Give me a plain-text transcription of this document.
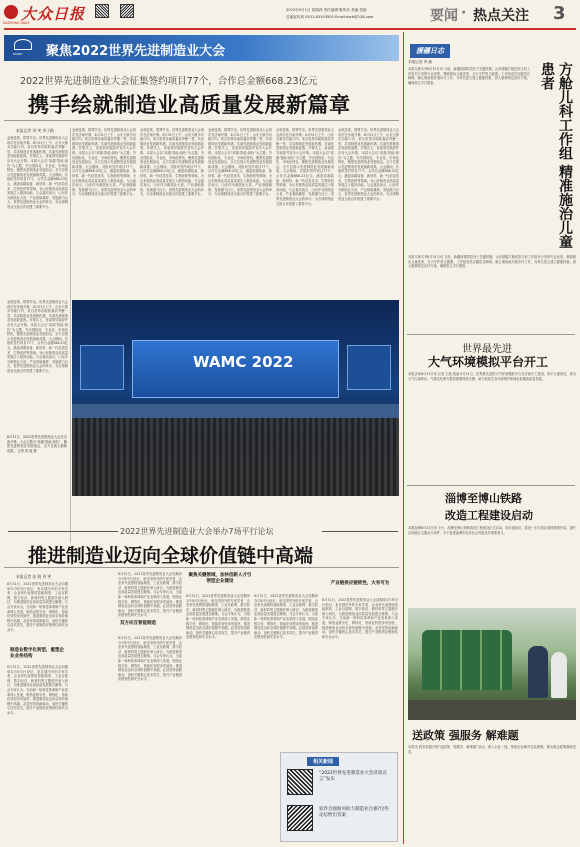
大众日报
DAZHONG DAILY
2022年9月1日 星期四 责任编辑 靳茂东 美编 张丽
总编室传真 0531-85193500 Email:dzrb@126.com	要闻 · 热点关注 3
WAMC 聚焦2022世界先进制造业大会
2022世界先进制造业大会征集签约项目77个，合作总金额668.23亿元
携手绘就制造业高质量发展新篇章
本报记者 刘 笑 李子路
金秋送爽，群贤毕至。世界先进制造业大会再次在济南开幕。8月31日上午，山东大厦多功能厅内，来自世界各地的嘉宾齐聚一堂，共话制造业发展新机遇，共谋先进制造业发展新蓝图。开幕式上，省委领导致辞并宣布大会开幕。本届大会以“高端·智能·绿色”为主题，突出国际化、专业化、市场化特色，聚焦先进制造业发展前沿，全方位展示先进制造业发展最新成果。大会期间，共组织签约项目77个，合作总金额668.23亿元，涵盖高端装备、新材料、新一代信息技术、生物医药等领域，为山东制造业高质量发展注入强劲动能。与会嘉宾表示，山东作为制造业大省，产业基础雄厚，发展潜力巨大，世界先进制造业大会的举办，为全球制造业交流合作搭建了重要平台。
金秋送爽，群贤毕至。世界先进制造业大会再次在济南开幕。8月31日上午，山东大厦多功能厅内，来自世界各地的嘉宾齐聚一堂，共话制造业发展新机遇，共谋先进制造业发展新蓝图。开幕式上，省委领导致辞并宣布大会开幕。本届大会以“高端·智能·绿色”为主题，突出国际化、专业化、市场化特色，聚焦先进制造业发展前沿，全方位展示先进制造业发展最新成果。大会期间，共组织签约项目77个，合作总金额668.23亿元，涵盖高端装备、新材料、新一代信息技术、生物医药等领域，为山东制造业高质量发展注入强劲动能。与会嘉宾表示，山东作为制造业大省，产业基础雄厚，发展潜力巨大，世界先进制造业大会的举办，为全球制造业交流合作搭建了重要平台。
金秋送爽，群贤毕至。世界先进制造业大会再次在济南开幕。8月31日上午，山东大厦多功能厅内，来自世界各地的嘉宾齐聚一堂，共话制造业发展新机遇，共谋先进制造业发展新蓝图。开幕式上，省委领导致辞并宣布大会开幕。本届大会以“高端·智能·绿色”为主题，突出国际化、专业化、市场化特色，聚焦先进制造业发展前沿，全方位展示先进制造业发展最新成果。大会期间，共组织签约项目77个，合作总金额668.23亿元，涵盖高端装备、新材料、新一代信息技术、生物医药等领域，为山东制造业高质量发展注入强劲动能。与会嘉宾表示，山东作为制造业大省，产业基础雄厚，发展潜力巨大，世界先进制造业大会的举办，为全球制造业交流合作搭建了重要平台。
金秋送爽，群贤毕至。世界先进制造业大会再次在济南开幕。8月31日上午，山东大厦多功能厅内，来自世界各地的嘉宾齐聚一堂，共话制造业发展新机遇，共谋先进制造业发展新蓝图。开幕式上，省委领导致辞并宣布大会开幕。本届大会以“高端·智能·绿色”为主题，突出国际化、专业化、市场化特色，聚焦先进制造业发展前沿，全方位展示先进制造业发展最新成果。大会期间，共组织签约项目77个，合作总金额668.23亿元，涵盖高端装备、新材料、新一代信息技术、生物医药等领域，为山东制造业高质量发展注入强劲动能。与会嘉宾表示，山东作为制造业大省，产业基础雄厚，发展潜力巨大，世界先进制造业大会的举办，为全球制造业交流合作搭建了重要平台。
金秋送爽，群贤毕至。世界先进制造业大会再次在济南开幕。8月31日上午，山东大厦多功能厅内，来自世界各地的嘉宾齐聚一堂，共话制造业发展新机遇，共谋先进制造业发展新蓝图。开幕式上，省委领导致辞并宣布大会开幕。本届大会以“高端·智能·绿色”为主题，突出国际化、专业化、市场化特色，聚焦先进制造业发展前沿，全方位展示先进制造业发展最新成果。大会期间，共组织签约项目77个，合作总金额668.23亿元，涵盖高端装备、新材料、新一代信息技术、生物医药等领域，为山东制造业高质量发展注入强劲动能。与会嘉宾表示，山东作为制造业大省，产业基础雄厚，发展潜力巨大，世界先进制造业大会的举办，为全球制造业交流合作搭建了重要平台。
金秋送爽，群贤毕至。世界先进制造业大会再次在济南开幕。8月31日上午，山东大厦多功能厅内，来自世界各地的嘉宾齐聚一堂，共话制造业发展新机遇，共谋先进制造业发展新蓝图。开幕式上，省委领导致辞并宣布大会开幕。本届大会以“高端·智能·绿色”为主题，突出国际化、专业化、市场化特色，聚焦先进制造业发展前沿，全方位展示先进制造业发展最新成果。大会期间，共组织签约项目77个，合作总金额668.23亿元，涵盖高端装备、新材料、新一代信息技术、生物医药等领域，为山东制造业高质量发展注入强劲动能。与会嘉宾表示，山东作为制造业大省，产业基础雄厚，发展潜力巨大，世界先进制造业大会的举办，为全球制造业交流合作搭建了重要平台。
金秋送爽，群贤毕至。世界先进制造业大会再次在济南开幕。8月31日上午，山东大厦多功能厅内，来自世界各地的嘉宾齐聚一堂，共话制造业发展新机遇，共谋先进制造业发展新蓝图。开幕式上，省委领导致辞并宣布大会开幕。本届大会以“高端·智能·绿色”为主题，突出国际化、专业化、市场化特色，聚焦先进制造业发展前沿，全方位展示先进制造业发展最新成果。大会期间，共组织签约项目77个，合作总金额668.23亿元，涵盖高端装备、新材料、新一代信息技术、生物医药等领域，为山东制造业高质量发展注入强劲动能。与会嘉宾表示，山东作为制造业大省，产业基础雄厚，发展潜力巨大，世界先进制造业大会的举办，为全球制造业交流合作搭建了重要平台。	WAMC 2022
8月31日，2022世界先进制造业大会在济南开幕。大会主题为“高端·智能·绿色”，聚焦先进制造业发展前沿，全方位展示最新成果。 记者 郭 毅 摄
2022世界先进制造业大会举办7场平行论坛
推进制造业迈向全球价值链中高端
本报记者 张 晓 刘 笑
8月31日，2022世界先进制造业大会同期举办7场平行论坛，来自国内外的专家学者、企业家代表围绕智能制造、工业互联网、数字经济、新材料等主题展开深入研讨，为推进制造业高质量发展建言献策。与会专家认为，当前新一轮科技革命和产业变革深入发展，制造业数字化、网络化、智能化转型步伐加快，推进制造业迈向全球价值链中高端，必须坚持创新驱动，加快关键核心技术攻关，提升产业链供应链韧性和安全水平。
制造业数字化转型，重塑企业业务结构
8月31日，2022世界先进制造业大会同期举办7场平行论坛，来自国内外的专家学者、企业家代表围绕智能制造、工业互联网、数字经济、新材料等主题展开深入研讨，为推进制造业高质量发展建言献策。与会专家认为，当前新一轮科技革命和产业变革深入发展，制造业数字化、网络化、智能化转型步伐加快，推进制造业迈向全球价值链中高端，必须坚持创新驱动，加快关键核心技术攻关，提升产业链供应链韧性和安全水平。
8月31日，2022世界先进制造业大会同期举办7场平行论坛，来自国内外的专家学者、企业家代表围绕智能制造、工业互联网、数字经济、新材料等主题展开深入研讨，为推进制造业高质量发展建言献策。与会专家认为，当前新一轮科技革命和产业变革深入发展，制造业数字化、网络化、智能化转型步伐加快，推进制造业迈向全球价值链中高端，必须坚持创新驱动，加快关键核心技术攻关，提升产业链供应链韧性和安全水平。
双方向互智能制造
8月31日，2022世界先进制造业大会同期举办7场平行论坛，来自国内外的专家学者、企业家代表围绕智能制造、工业互联网、数字经济、新材料等主题展开深入研讨，为推进制造业高质量发展建言献策。与会专家认为，当前新一轮科技革命和产业变革深入发展，制造业数字化、网络化、智能化转型步伐加快，推进制造业迈向全球价值链中高端，必须坚持创新驱动，加快关键核心技术攻关，提升产业链供应链韧性和安全水平。
聚焦关键领域，加快创新人才引领型企业建设
8月31日，2022世界先进制造业大会同期举办7场平行论坛，来自国内外的专家学者、企业家代表围绕智能制造、工业互联网、数字经济、新材料等主题展开深入研讨，为推进制造业高质量发展建言献策。与会专家认为，当前新一轮科技革命和产业变革深入发展，制造业数字化、网络化、智能化转型步伐加快，推进制造业迈向全球价值链中高端，必须坚持创新驱动，加快关键核心技术攻关，提升产业链供应链韧性和安全水平。
8月31日，2022世界先进制造业大会同期举办7场平行论坛，来自国内外的专家学者、企业家代表围绕智能制造、工业互联网、数字经济、新材料等主题展开深入研讨，为推进制造业高质量发展建言献策。与会专家认为，当前新一轮科技革命和产业变革深入发展，制造业数字化、网络化、智能化转型步伐加快，推进制造业迈向全球价值链中高端，必须坚持创新驱动，加快关键核心技术攻关，提升产业链供应链韧性和安全水平。
产业链供应链韧性，大有可为
8月31日，2022世界先进制造业大会同期举办7场平行论坛，来自国内外的专家学者、企业家代表围绕智能制造、工业互联网、数字经济、新材料等主题展开深入研讨，为推进制造业高质量发展建言献策。与会专家认为，当前新一轮科技革命和产业变革深入发展，制造业数字化、网络化、智能化转型步伐加快，推进制造业迈向全球价值链中高端，必须坚持创新驱动，加快关键核心技术攻关，提升产业链供应链韧性和安全水平。
相关新闻
“2022世界先进制造业大会济南宣言”发布
软件自强如何助力制造业自强?这些论坛给出答案
援疆日志
方舱儿科工作组 精准施治儿童患者
本报记者 李 薇
本报乌鲁木齐8月31日讯 当前，新疆疫情防控处于关键时期，山东援疆方舱医院儿科工作组充分发挥专业优势，精准施治儿童患者，全力守护患儿健康。工作组成员克服语言障碍，耐心细致地开展诊疗工作，为每名患儿建立健康档案，因人施策制定治疗方案，确保患儿早日康复。
本报乌鲁木齐8月31日讯 当前，新疆疫情防控处于关键时期，山东援疆方舱医院儿科工作组充分发挥专业优势，精准施治儿童患者，全力守护患儿健康。工作组成员克服语言障碍，耐心细致地开展诊疗工作，为每名患儿建立健康档案，因人施策制定治疗方案，确保患儿早日康复。
世界最先进
大气环境模拟平台开工
本报济南8月31日讯 记者 王凯 报道 8月31日，世界最先进的大气环境模拟平台在济南开工建设。该平台建成后，将为大气污染防治、气候变化研究提供重要科研支撑，助力我省生态环境保护和绿色低碳高质量发展。
淄博至博山铁路
改造工程建设启动
本报淄博8月31日讯 今天，淄博至博山铁路改造工程建设正式启动。项目建成后，将进一步完善区域铁路网布局，提升沿线地区交通出行条件，对于促进淄博市经济社会发展具有重要意义。
送政策 强服务 解难题
本报讯 我省积极开展“送政策、强服务、解难题”活动，深入企业一线，帮助企业解决实际困难，推动惠企政策落地见效。
